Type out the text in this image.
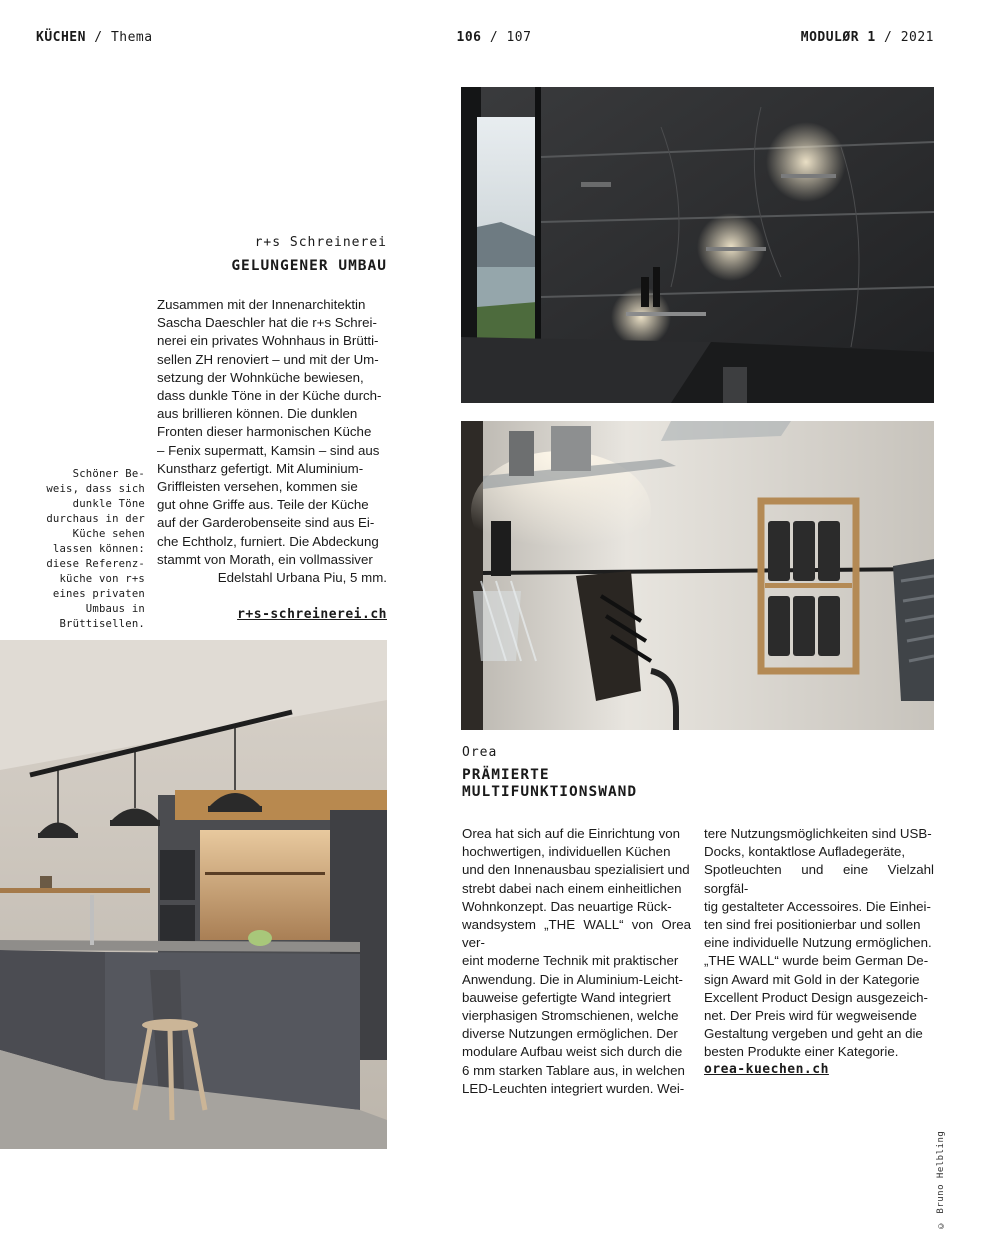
KÜCHEN / Thema	106 / 107	MODULØR 1 / 2021
r+s Schreinerei
GELUNGENER UMBAU

Zusammen mit der Innenarchitektin

Sascha Daeschler hat die r+s Schrei-

nerei ein privates Wohnhaus in Brütti-

sellen ZH renoviert – und mit der Um-

setzung der Wohnküche bewiesen,

dass dunkle Töne in der Küche durch-

aus brillieren können. Die dunklen

Fronten dieser harmonischen Küche

– Fenix supermatt, Kamsin – sind aus

Kunstharz gefertigt. Mit Aluminium-

Griffleisten versehen, kommen sie

gut ohne Griffe aus. Teile der Küche

auf der Garderobenseite sind aus Ei-

che Echtholz, furniert. Die Abdeckung

stammt von Morath, ein vollmassiver

Edelstahl Urbana Piu, 5 mm.

r+s-schreinerei.ch
Schöner Be-
weis, dass sich
dunkle Töne
durchaus in der
Küche sehen
lassen können:
diese Referenz-
küche von r+s
eines privaten
Umbaus in
Brüttisellen.
Orea
PRÄMIERTE
MULTIFUNKTIONSWAND

Orea hat sich auf die Einrichtung von

hochwertigen, individuellen Küchen

und den Innenausbau spezialisiert und

strebt dabei nach einem einheitlichen

Wohnkonzept. Das neuartige Rück-

wandsystem „THE WALL“ von Orea ver-

eint moderne Technik mit praktischer

Anwendung. Die in Aluminium-Leicht-

bauweise gefertigte Wand integriert

vierphasigen Stromschienen, welche

diverse Nutzungen ermöglichen. Der

modulare Aufbau weist sich durch die

6 mm starken Tablare aus, in welchen

LED-Leuchten integriert wurden. Wei-

tere Nutzungsmöglichkeiten sind USB-

Docks, kontaktlose Aufladegeräte,

Spotleuchten und eine Vielzahl sorgfäl-

tig gestalteter Accessoires. Die Einhei-

ten sind frei positionierbar und sollen

eine individuelle Nutzung ermöglichen.

„THE WALL“ wurde beim German De-

sign Award mit Gold in der Kategorie

Excellent Product Design ausgezeich-

net. Der Preis wird für wegweisende

Gestaltung vergeben und geht an die

besten Produkte einer Kategorie.

orea-kuechen.ch
© Bruno Helbling
